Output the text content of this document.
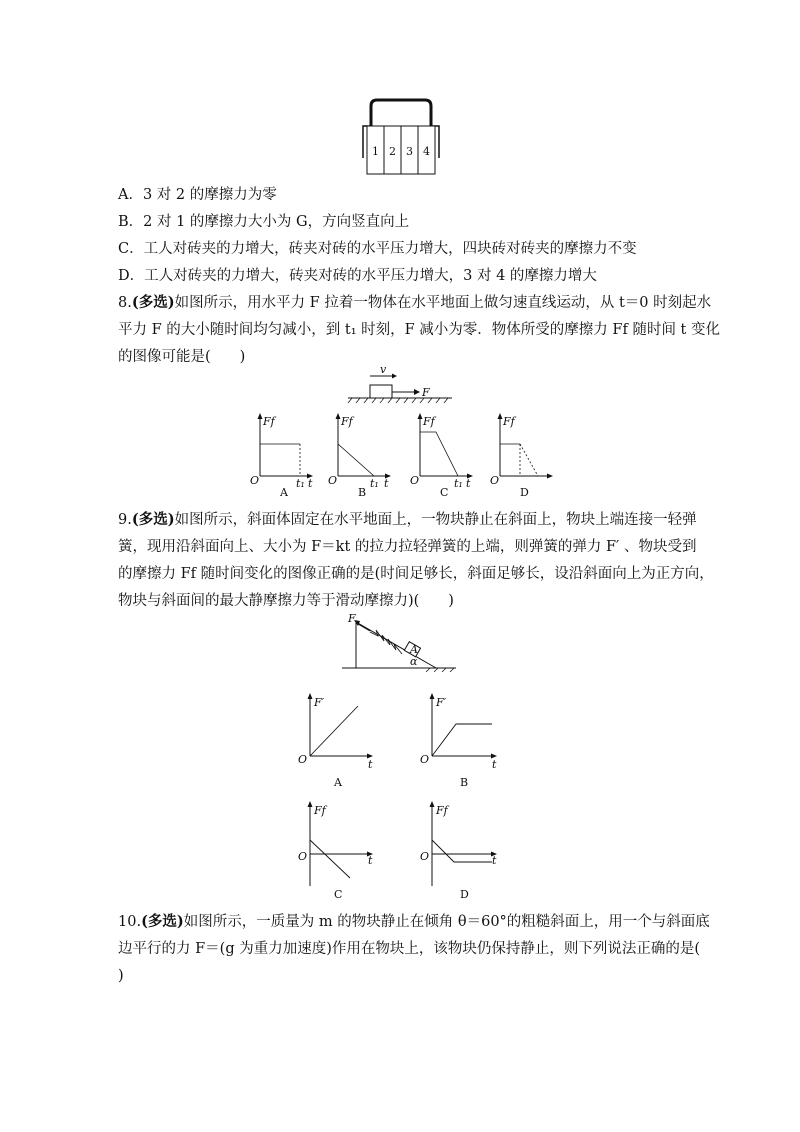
1 2 3 4
A．3 对 2 的摩擦力为零
B．2 对 1 的摩擦力大小为 G，方向竖直向上
C．工人对砖夹的力增大，砖夹对砖的水平压力增大，四块砖对砖夹的摩擦力不变
D．工人对砖夹的力增大，砖夹对砖的水平压力增大，3 对 4 的摩擦力增大
8.(多选)如图所示，用水平力 F 拉着一物体在水平地面上做匀速直线运动，从 t＝0 时刻起水
平力 F 的大小随时间均匀减小，到 t₁ 时刻，F 减小为零．物体所受的摩擦力 Ff 随时间 t 变化
的图像可能是(　　)
v
F
Ff
O	t₁ t
A
Ff
O	t₁ t
B
Ff
O	t₁ t
C
Ff
O
D
9.(多选)如图所示，斜面体固定在水平地面上，一物块静止在斜面上，物块上端连接一轻弹
簧，现用沿斜面向上、大小为 F＝kt 的拉力拉轻弹簧的上端，则弹簧的弹力 F′ 、物块受到
的摩擦力 Ff 随时间变化的图像正确的是(时间足够长，斜面足够长，设沿斜面向上为正方向，
物块与斜面间的最大静摩擦力等于滑动摩擦力)(　　)
F
A
α
F′
O	t
A
F′
O	t
B
Ff
O	t
C
Ff
O	t
D
10.(多选)如图所示，一质量为 m 的物块静止在倾角 θ＝60°的粗糙斜面上，用一个与斜面底
边平行的力 F＝(g 为重力加速度)作用在物块上，该物块仍保持静止，则下列说法正确的是(
)
